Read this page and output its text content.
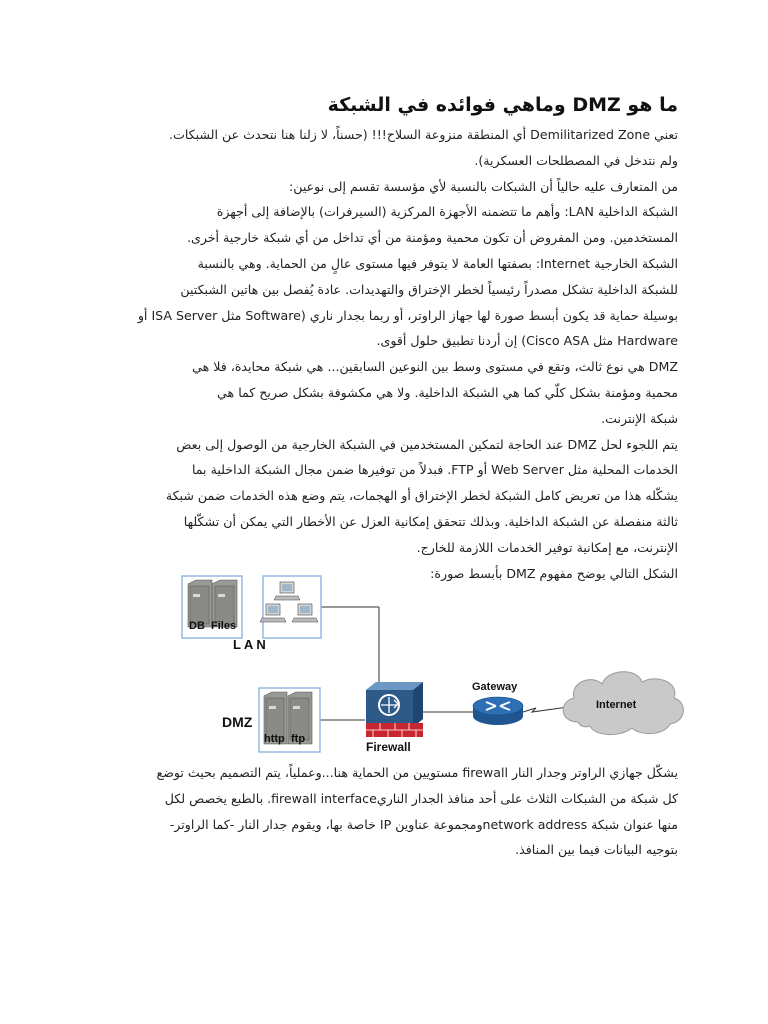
ما هو DMZ وماهي فوائده في الشبكة
تعني Demilitarized Zone أي المنطقة منزوعة السلاح!!! (حسناً، لا زلنا هنا نتحدث عن الشبكات.
ولم نتدخل في المصطلحات العسكرية).
من المتعارف عليه حالياً أن الشبكات بالنسبة لأي مؤسسة تقسم إلى نوعين:
الشبكة الداخلية LAN: وأهم ما تتضمنه الأجهزة المركزية (السيرفرات) بالإضافة إلى أجهزة
المستخدمين. ومن المفروض أن تكون محمية ومؤمنة من أي تداخل من أي شبكة خارجية أخرى.
الشبكة الخارجية Internet: بصفتها العامة لا يتوفر فيها مستوى عالٍ من الحماية. وهي بالنسبة
للشبكة الداخلية تشكل مصدراً رئيسياً لخطر الإختراق والتهديدات. عادة يُفصل بين هاتين الشبكتين
بوسيلة حماية قد يكون أبسط صورة لها جهاز الراوتر، أو ربما بجدار ناري (Software مثل ISA Server أو
Hardware مثل Cisco ASA) إن أردنا تطبيق حلول أقوى.
DMZ هي نوع ثالث، وتقع في مستوى وسط بين النوعين السابقين... هي شبكة محايدة، فلا هي
محمية ومؤمنة بشكل كلّي كما هي الشبكة الداخلية. ولا هي مكشوفة بشكل صريح كما هي
شبكة الإنترنت.
يتم اللجوء لحل DMZ عند الحاجة لتمكين المستخدمين في الشبكة الخارجية من الوصول إلى بعض
الخدمات المحلية مثل Web Server أو FTP. فبدلاً من توفيرها ضمن مجال الشبكة الداخلية بما
يشكّله هذا من تعريض كامل الشبكة لخطر الإختراق أو الهجمات، يتم وضع هذه الخدمات ضمن شبكة
ثالثة منفصلة عن الشبكة الداخلية. وبذلك تتحقق إمكانية العزل عن الأخطار التي يمكن أن تشكّلها
الإنترنت، مع إمكانية توفير الخدمات اللازمة للخارج.
الشكل التالي يوضح مفهوم DMZ بأبسط صورة:
DB Files
L A N
http ftp
DMZ
Firewall
Gateway
Internet
يشكّل جهازي الراوتر وجدار النار firewall مستويين من الحماية هنا...وعملياً، يتم التصميم بحيث توضع
كل شبكة من الشبكات الثلاث على أحد منافذ الجدار الناريfirewall interface. بالطبع يخصص لكل
منها عنوان شبكة network addressومجموعة عناوين IP خاصة بها، ويقوم جدار النار -كما الراوتر-
بتوجيه البيانات فيما بين المنافذ.
